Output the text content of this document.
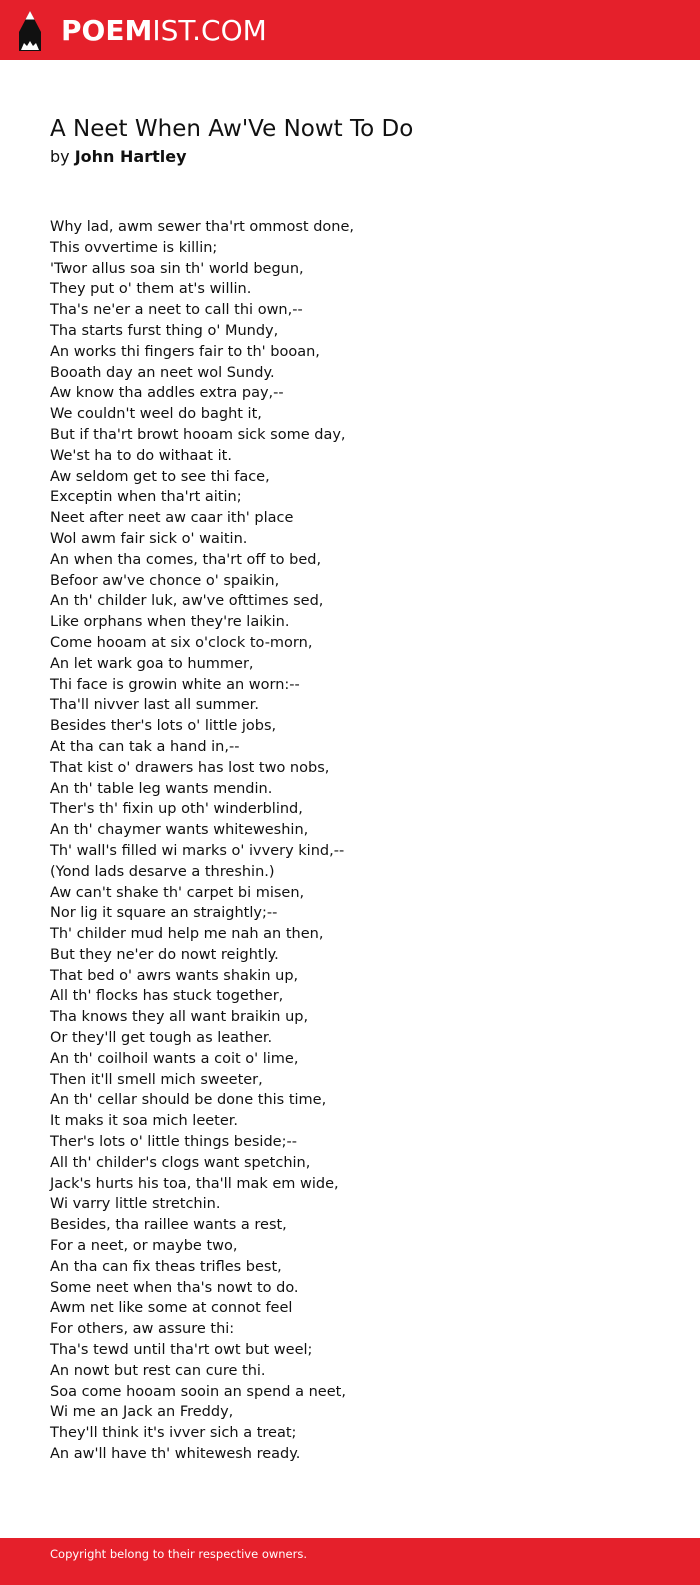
POEMIST.COM
A Neet When Aw'Ve Nowt To Do
by John Hartley
Why lad, awm sewer tha'rt ommost done,
This ovvertime is killin;
'Twor allus soa sin th' world begun,
They put o' them at's willin.
Tha's ne'er a neet to call thi own,--
Tha starts furst thing o' Mundy,
An works thi fingers fair to th' booan,
Booath day an neet wol Sundy.
Aw know tha addles extra pay,--
We couldn't weel do baght it,
But if tha'rt browt hooam sick some day,
We'st ha to do withaat it.
Aw seldom get to see thi face,
Exceptin when tha'rt aitin;
Neet after neet aw caar ith' place
Wol awm fair sick o' waitin.
An when tha comes, tha'rt off to bed,
Befoor aw've chonce o' spaikin,
An th' childer luk, aw've ofttimes sed,
Like orphans when they're laikin.
Come hooam at six o'clock to-morn,
An let wark goa to hummer,
Thi face is growin white an worn:--
Tha'll nivver last all summer.
Besides ther's lots o' little jobs,
At tha can tak a hand in,--
That kist o' drawers has lost two nobs,
An th' table leg wants mendin.
Ther's th' fixin up oth' winderblind,
An th' chaymer wants whiteweshin,
Th' wall's filled wi marks o' ivvery kind,--
(Yond lads desarve a threshin.)
Aw can't shake th' carpet bi misen,
Nor lig it square an straightly;--
Th' childer mud help me nah an then,
But they ne'er do nowt reightly.
That bed o' awrs wants shakin up,
All th' flocks has stuck together,
Tha knows they all want braikin up,
Or they'll get tough as leather.
An th' coilhoil wants a coit o' lime,
Then it'll smell mich sweeter,
An th' cellar should be done this time,
It maks it soa mich leeter.
Ther's lots o' little things beside;--
All th' childer's clogs want spetchin,
Jack's hurts his toa, tha'll mak em wide,
Wi varry little stretchin.
Besides, tha raillee wants a rest,
For a neet, or maybe two,
An tha can fix theas trifles best,
Some neet when tha's nowt to do.
Awm net like some at connot feel
For others, aw assure thi:
Tha's tewd until tha'rt owt but weel;
An nowt but rest can cure thi.
Soa come hooam sooin an spend a neet,
Wi me an Jack an Freddy,
They'll think it's ivver sich a treat;
An aw'll have th' whitewesh ready.
Copyright belong to their respective owners.
